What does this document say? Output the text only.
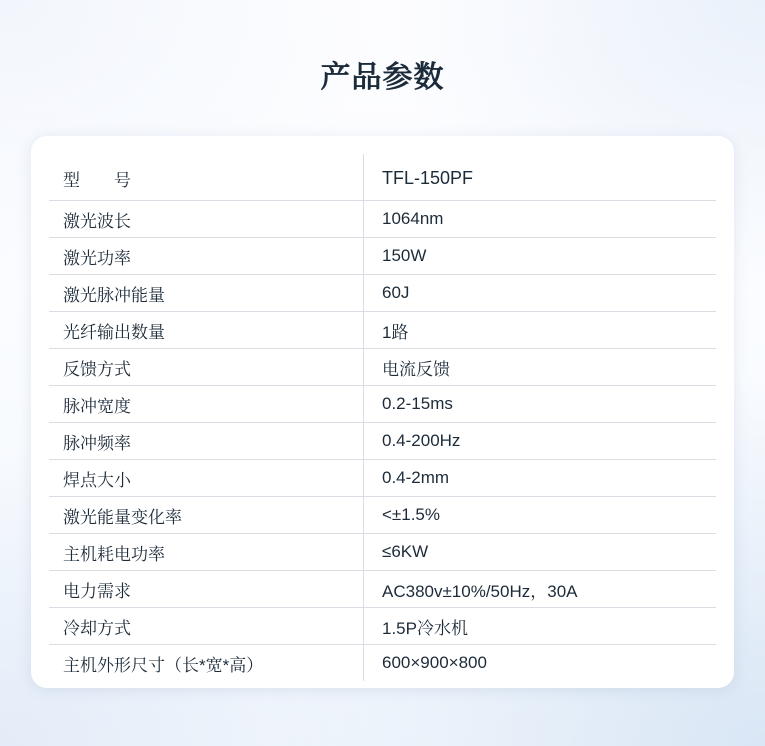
产品参数
型　　号	TFL-150PF
激光波长	1064nm
激光功率	150W
激光脉冲能量	60J
光纤输出数量	1路
反馈方式	电流反馈
脉冲宽度	0.2-15ms
脉冲频率	0.4-200Hz
焊点大小	0.4-2mm
激光能量变化率	<±1.5%
主机耗电功率	≤6KW
电力需求	AC380v±10%/50Hz，30A
冷却方式	1.5P冷水机
主机外形尺寸（长*宽*高）	600×900×800
